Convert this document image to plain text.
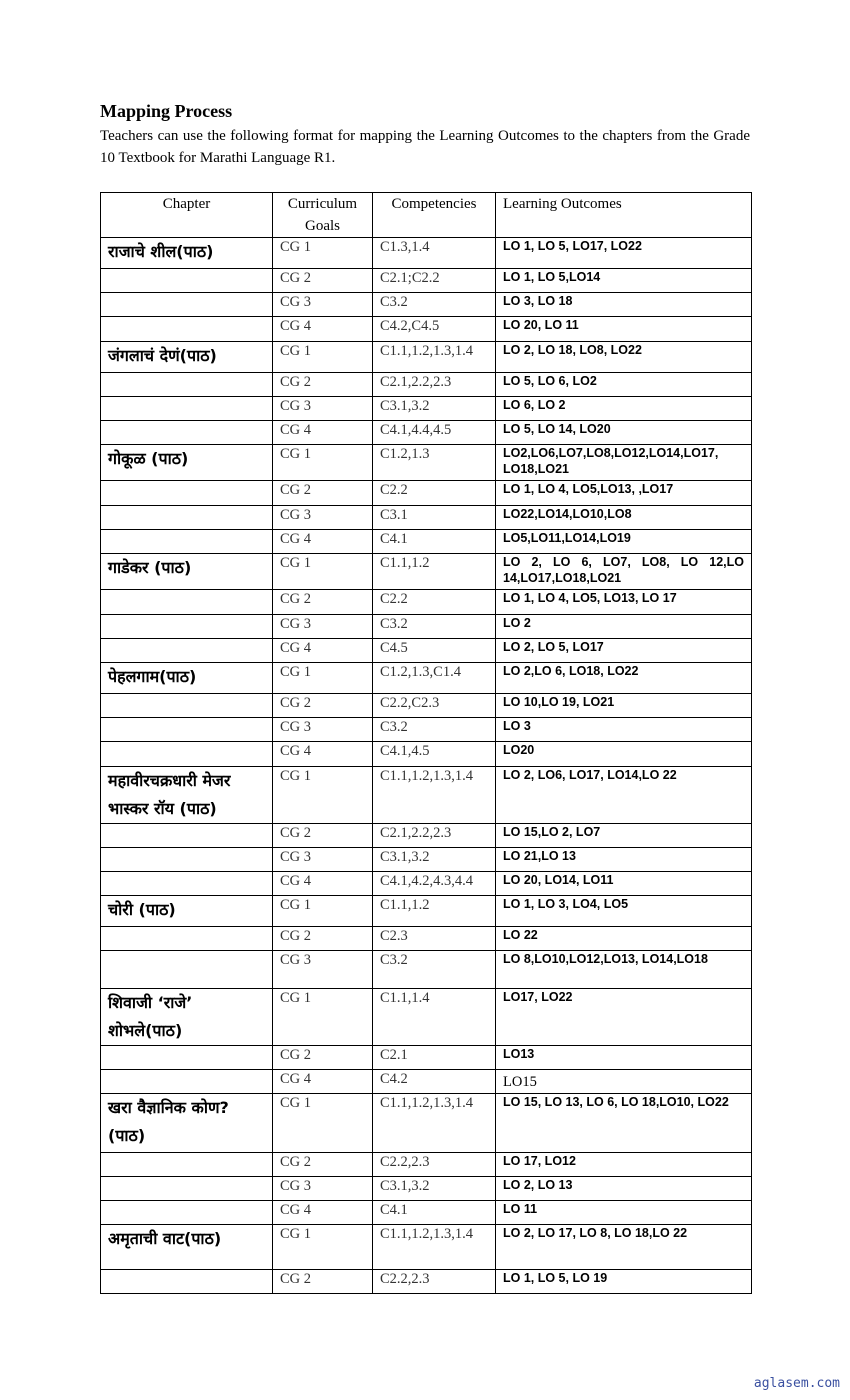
Mapping Process
Teachers can use the following format for mapping the Learning Outcomes to the chapters from the Grade 10 Textbook for Marathi Language R1.
Chapter	Curriculum Goals	Competencies	Learning Outcomes
राजाचे शील(पाठ)	CG 1	C1.3,1.4	LO 1, LO 5, LO17, LO22
	CG 2	C2.1;C2.2	LO 1, LO 5,LO14
	CG 3	C3.2	LO 3, LO 18
	CG 4	C4.2,C4.5	LO 20, LO 11
जंगलाचं देणं(पाठ)	CG 1	C1.1,1.2,1.3,1.4	LO 2, LO 18, LO8, LO22
	CG 2	C2.1,2.2,2.3	LO 5, LO 6, LO2
	CG 3	C3.1,3.2	LO 6, LO 2
	CG 4	C4.1,4.4,4.5	LO 5, LO 14, LO20
गोकूळ (पाठ)	CG 1	C1.2,1.3	LO2,LO6,LO7,LO8,LO12,LO14,LO17, LO18,LO21
	CG 2	C2.2	LO 1, LO 4, LO5,LO13, ,LO17
	CG 3	C3.1	LO22,LO14,LO10,LO8
	CG 4	C4.1	LO5,LO11,LO14,LO19
गाडेकर (पाठ)	CG 1	C1.1,1.2	LO 2, LO 6, LO7, LO8, LO 12,LO 14,LO17,LO18,LO21
	CG 2	C2.2	LO 1, LO 4, LO5, LO13, LO 17
	CG 3	C3.2	LO 2
	CG 4	C4.5	LO 2, LO 5, LO17
पेहलगाम(पाठ)	CG 1	C1.2,1.3,C1.4	LO 2,LO 6, LO18, LO22
	CG 2	C2.2,C2.3	LO 10,LO 19, LO21
	CG 3	C3.2	LO 3
	CG 4	C4.1,4.5	LO20
महावीरचक्रधारी मेजर भास्कर रॉय (पाठ)	CG 1	C1.1,1.2,1.3,1.4	LO 2, LO6, LO17, LO14,LO 22
	CG 2	C2.1,2.2,2.3	LO 15,LO 2, LO7
	CG 3	C3.1,3.2	LO 21,LO 13
	CG 4	C4.1,4.2,4.3,4.4	LO 20, LO14, LO11
चोरी (पाठ)	CG 1	C1.1,1.2	LO 1, LO 3, LO4, LO5
	CG 2	C2.3	LO 22
	CG 3	C3.2	LO 8,LO10,LO12,LO13, LO14,LO18
शिवाजी ‘राजे’ शोभले(पाठ)	CG 1	C1.1,1.4	LO17, LO22
	CG 2	C2.1	LO13
	CG 4	C4.2	LO15
खरा वैज्ञानिक कोण? (पाठ)	CG 1	C1.1,1.2,1.3,1.4	LO 15, LO 13, LO 6, LO 18,LO10, LO22
	CG 2	C2.2,2.3	LO 17, LO12
	CG 3	C3.1,3.2	LO 2, LO 13
	CG 4	C4.1	LO 11
अमृताची वाट(पाठ)	CG 1	C1.1,1.2,1.3,1.4	LO 2, LO 17, LO 8, LO 18,LO 22
	CG 2	C2.2,2.3	LO 1, LO 5, LO 19
aglasem.com
